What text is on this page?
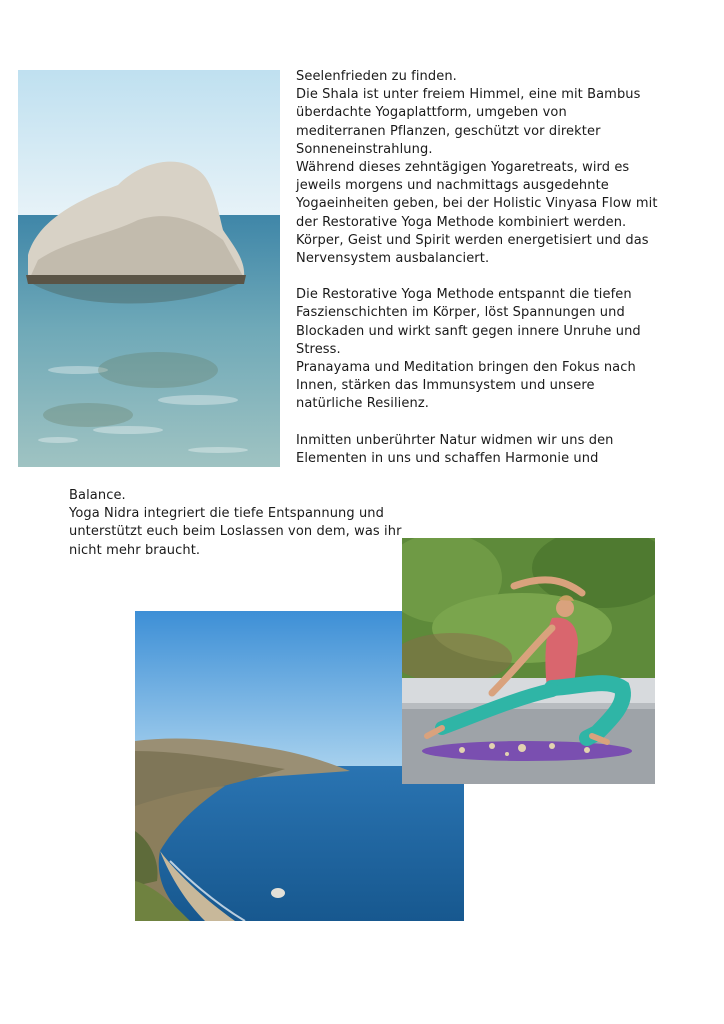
Seelenfrieden zu finden.

Die Shala ist unter freiem Himmel, eine mit Bambus überdachte Yogaplattform, umgeben von mediterranen Pflanzen, geschützt vor direkter Sonneneinstrahlung.

Während dieses zehntägigen Yogaretreats, wird es jeweils morgens und nachmittags ausgedehnte Yogaeinheiten geben, bei der Holistic Vinyasa Flow mit der Restorative Yoga Methode kombiniert werden.

Körper, Geist und Spirit werden energetisiert und das Nervensystem ausbalanciert.

Die Restorative Yoga Methode entspannt die tiefen Faszienschichten im Körper, löst Spannungen und Blockaden und wirkt sanft gegen innere Unruhe und Stress.

Pranayama und Meditation bringen den Fokus nach Innen, stärken das Immunsystem und unsere natürliche Resilienz.

Inmitten unberührter Natur widmen wir uns den Elementen in uns und schaffen Harmonie und

Balance.

Yoga Nidra integriert die tiefe Entspannung und unterstützt euch beim Loslassen von dem, was ihr nicht mehr braucht.
